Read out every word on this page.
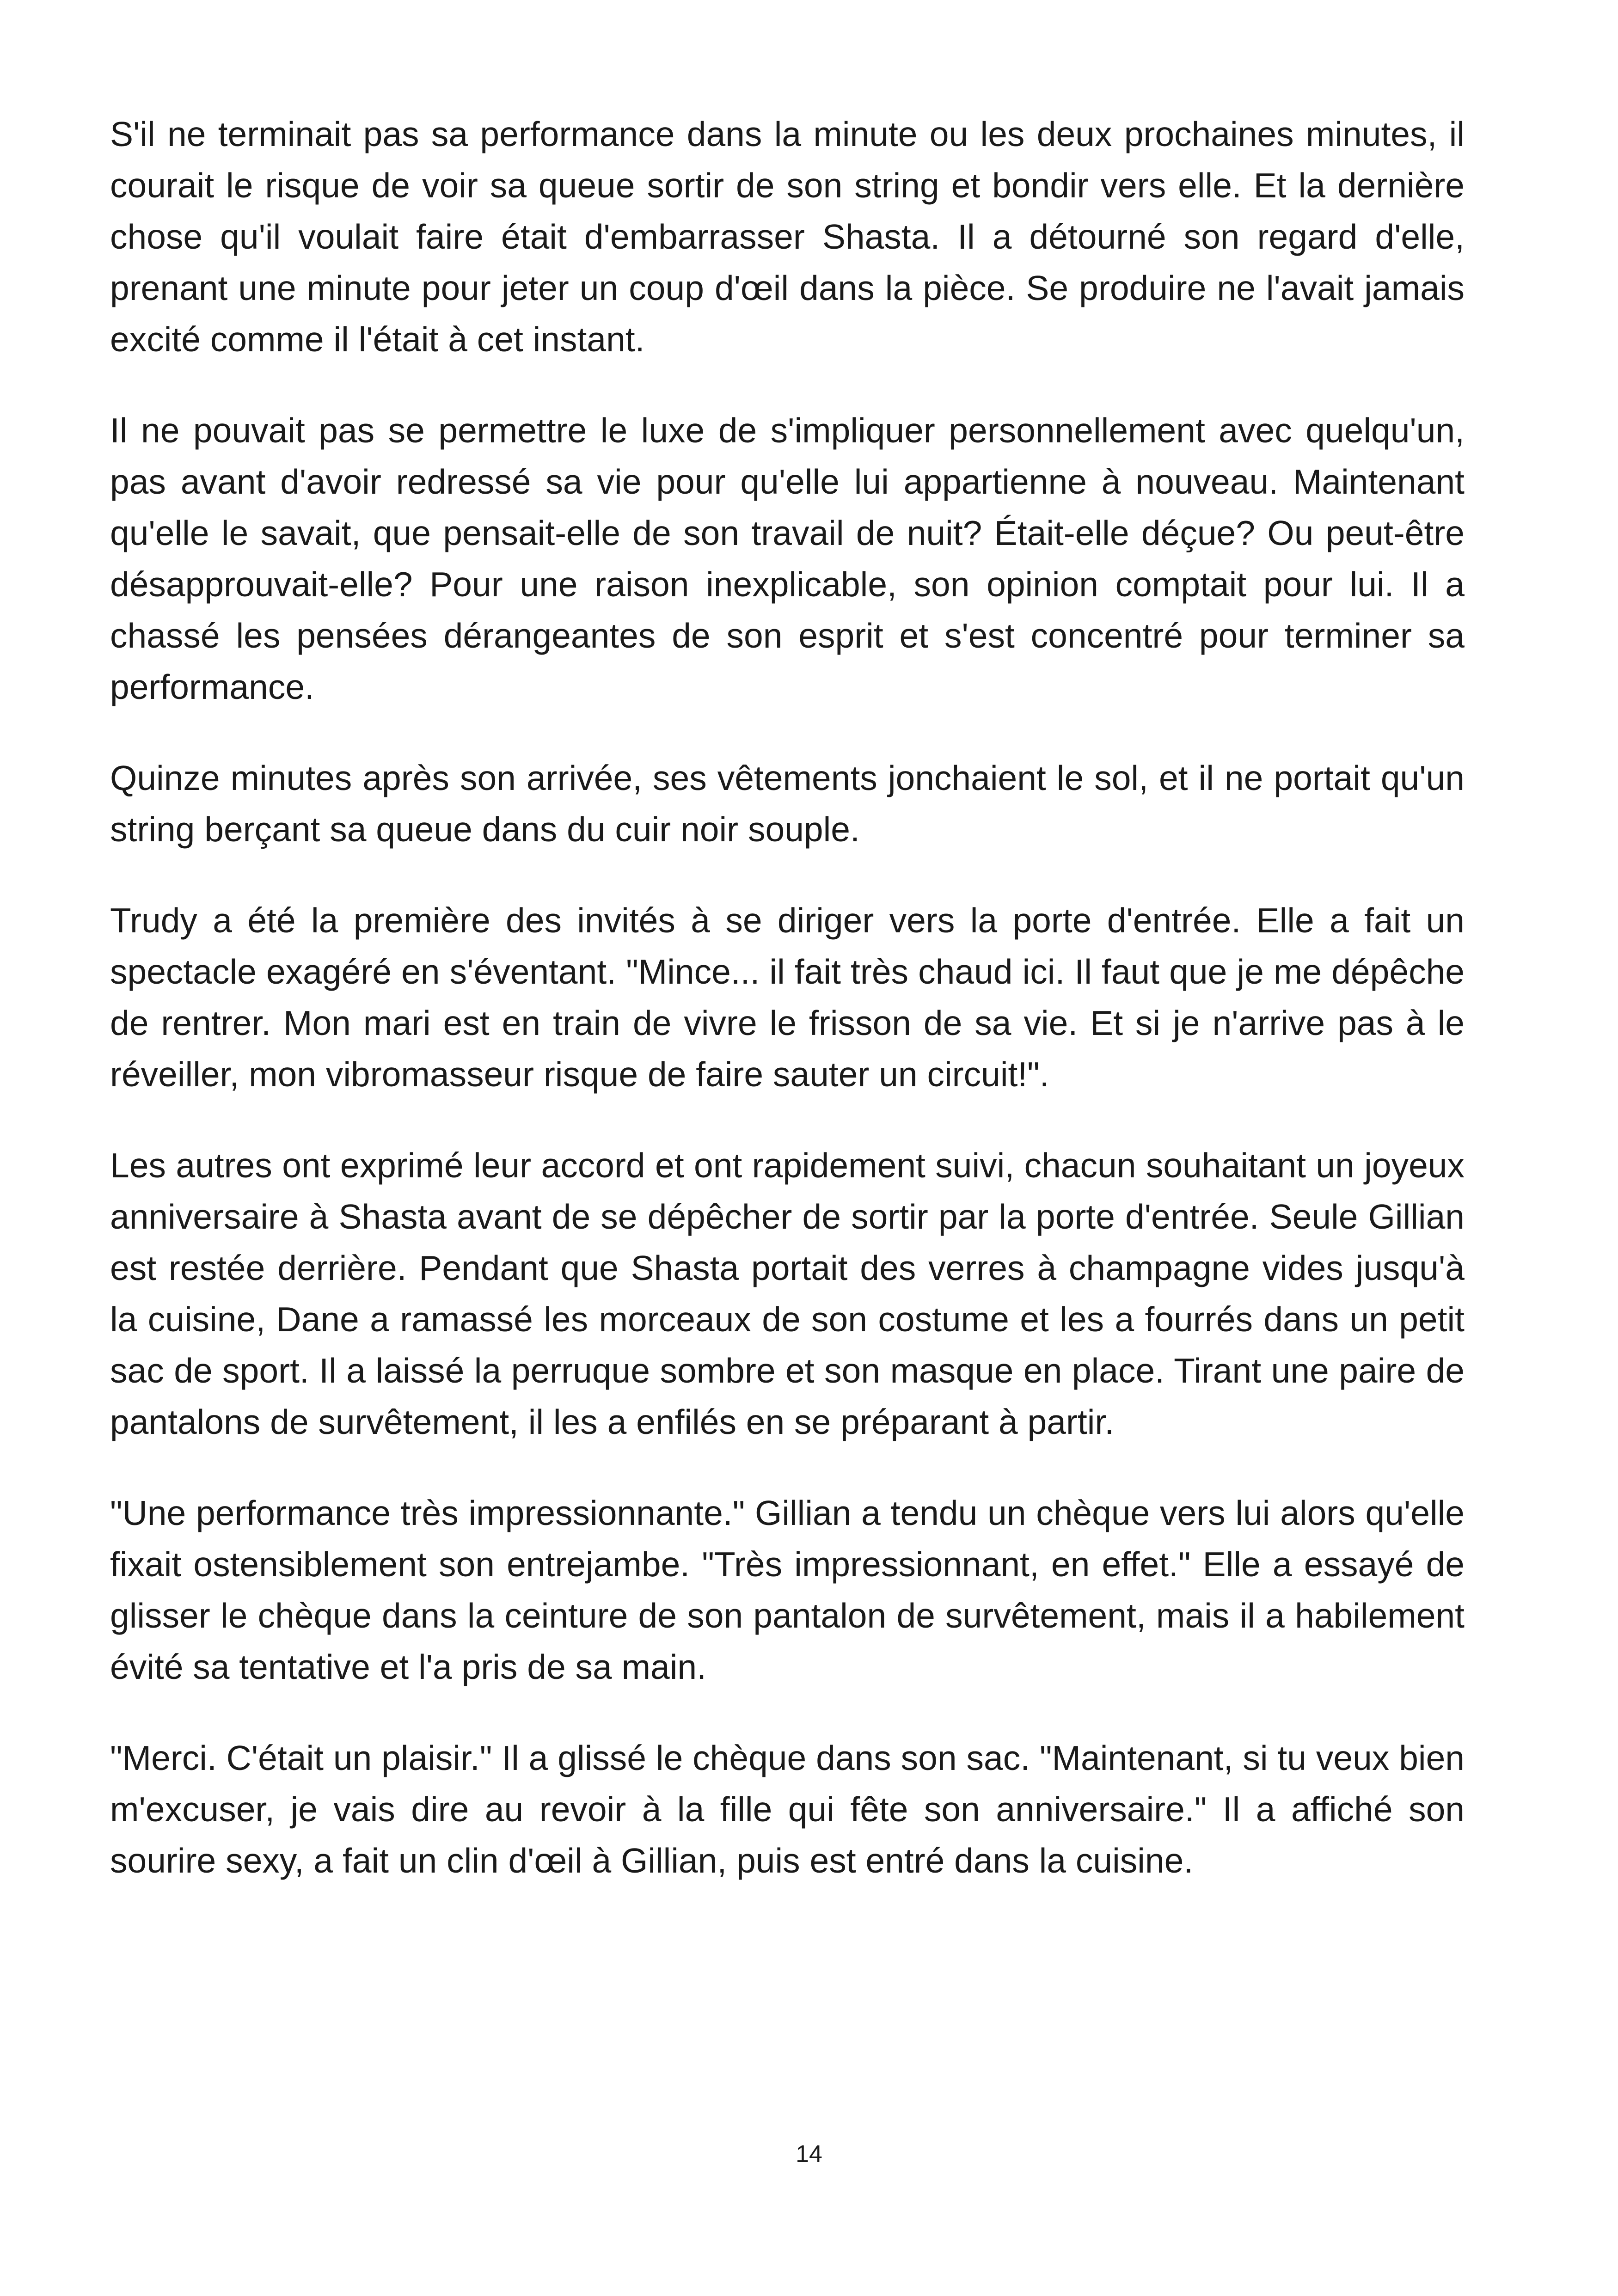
S'il ne terminait pas sa performance dans la minute ou les deux prochaines minutes, il courait le risque de voir sa queue sortir de son string et bondir vers elle. Et la dernière chose qu'il voulait faire était d'embarrasser Shasta. Il a détourné son regard d'elle, prenant une minute pour jeter un coup d'œil dans la pièce. Se produire ne l'avait jamais excité comme il l'était à cet instant.

Il ne pouvait pas se permettre le luxe de s'impliquer personnellement avec quelqu'un, pas avant d'avoir redressé sa vie pour qu'elle lui appartienne à nouveau. Maintenant qu'elle le savait, que pensait-elle de son travail de nuit? Était-elle déçue? Ou peut-être désapprouvait-elle? Pour une raison inexplicable, son opinion comptait pour lui. Il a chassé les pensées dérangeantes de son esprit et s'est concentré pour terminer sa performance.

Quinze minutes après son arrivée, ses vêtements jonchaient le sol, et il ne portait qu'un string berçant sa queue dans du cuir noir souple.

Trudy a été la première des invités à se diriger vers la porte d'entrée. Elle a fait un spectacle exagéré en s'éventant. "Mince... il fait très chaud ici. Il faut que je me dépêche de rentrer. Mon mari est en train de vivre le frisson de sa vie. Et si je n'arrive pas à le réveiller, mon vibromasseur risque de faire sauter un circuit!".

Les autres ont exprimé leur accord et ont rapidement suivi, chacun souhaitant un joyeux anniversaire à Shasta avant de se dépêcher de sortir par la porte d'entrée. Seule Gillian est restée derrière. Pendant que Shasta portait des verres à champagne vides jusqu'à la cuisine, Dane a ramassé les morceaux de son costume et les a fourrés dans un petit sac de sport. Il a laissé la perruque sombre et son masque en place. Tirant une paire de pantalons de survêtement, il les a enfilés en se préparant à partir.

"Une performance très impressionnante." Gillian a tendu un chèque vers lui alors qu'elle fixait ostensiblement son entrejambe. "Très impressionnant, en effet." Elle a essayé de glisser le chèque dans la ceinture de son pantalon de survêtement, mais il a habilement évité sa tentative et l'a pris de sa main.

"Merci. C'était un plaisir." Il a glissé le chèque dans son sac. "Maintenant, si tu veux bien m'excuser, je vais dire au revoir à la fille qui fête son anniversaire." Il a affiché son sourire sexy, a fait un clin d'œil à Gillian, puis est entré dans la cuisine.

14
